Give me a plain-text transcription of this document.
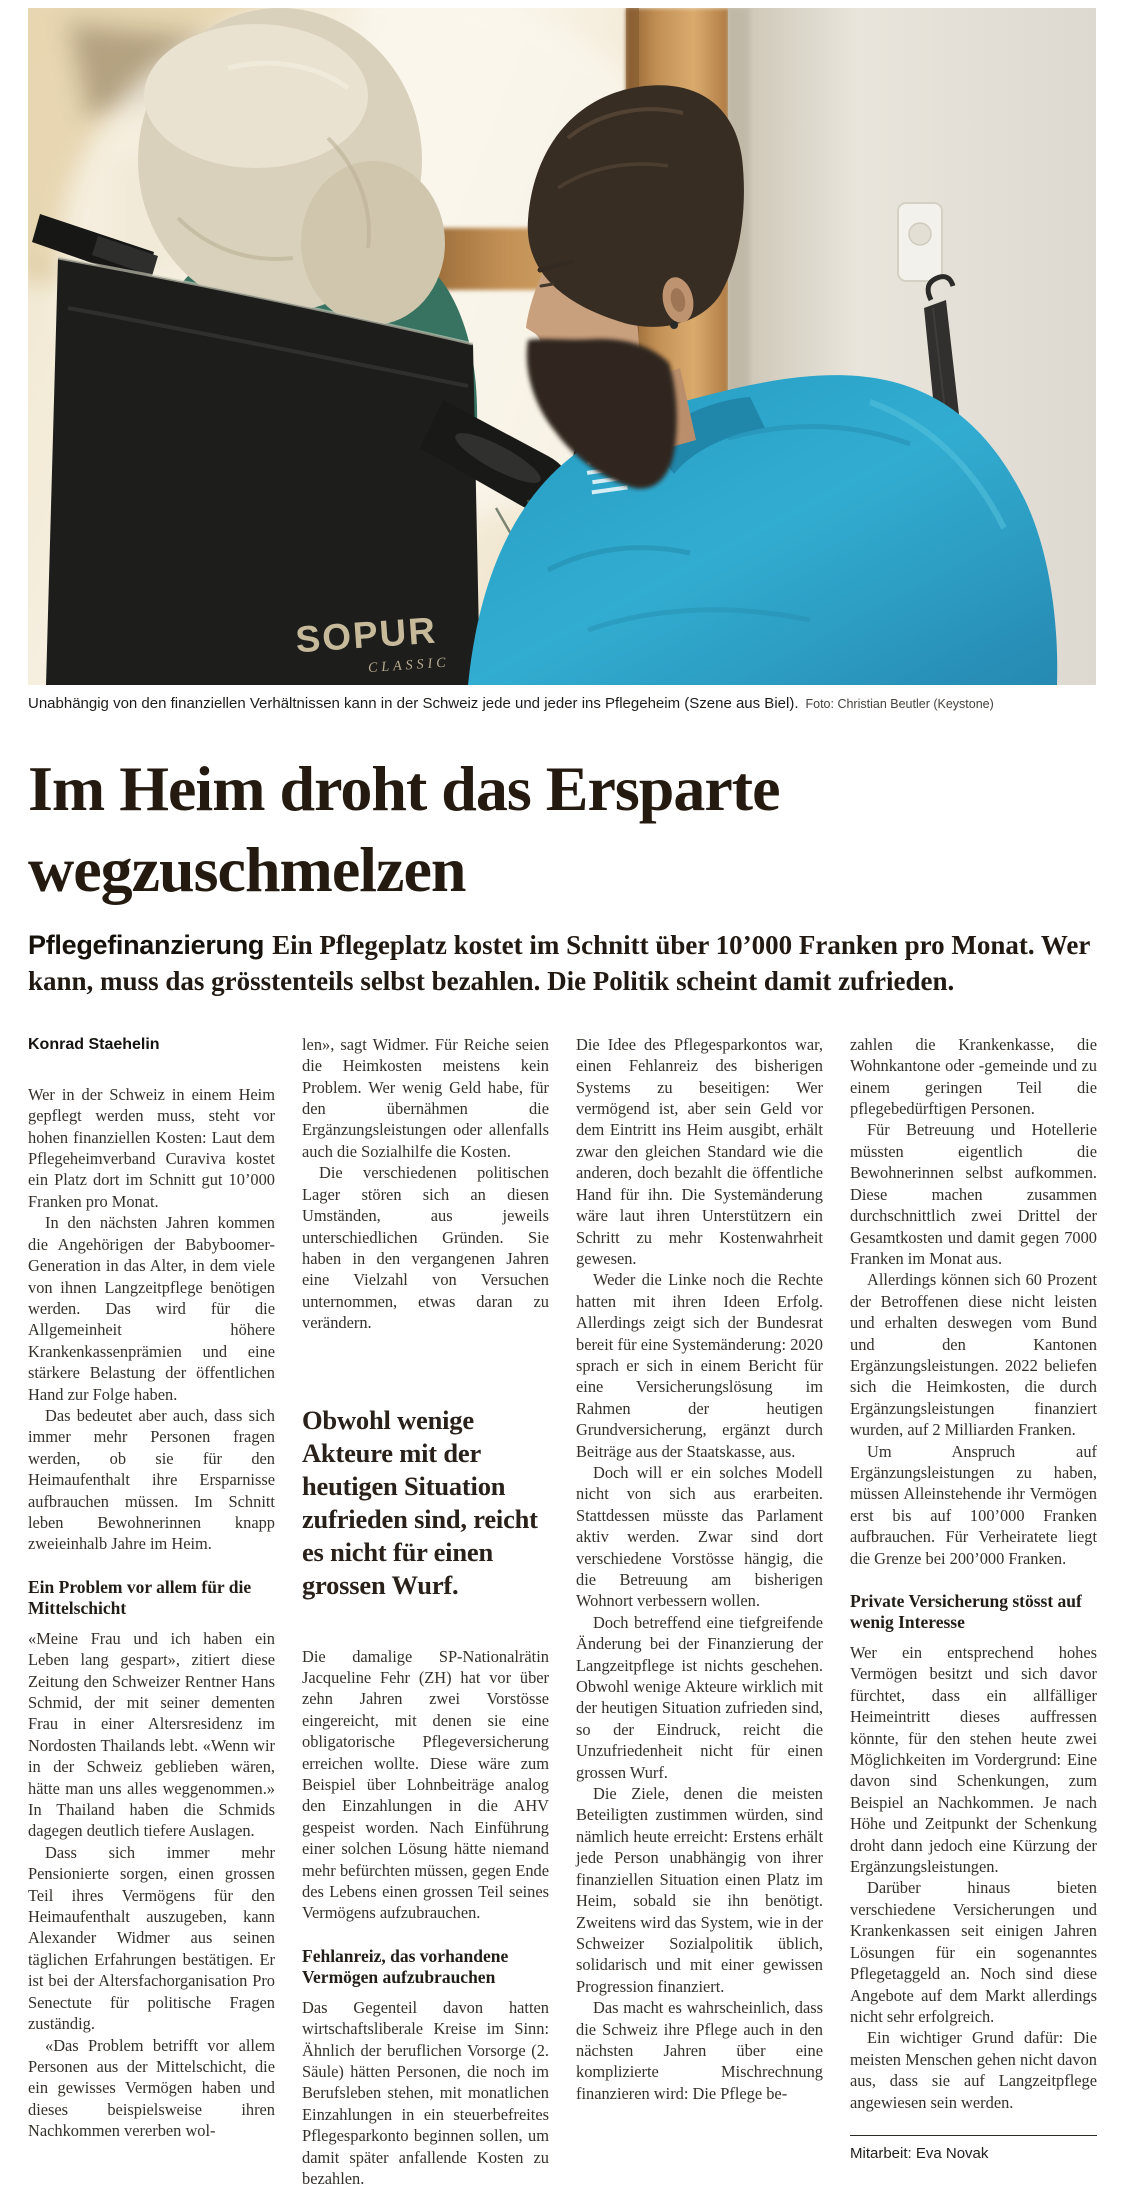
SOPUR
CLASSIC
Unabhängig von den finanziellen Verhältnissen kann in der Schweiz jede und jeder ins Pflegeheim (Szene aus Biel). Foto: Christian Beutler (Keystone)
Im Heim droht das Ersparte wegzuschmelzen
Pflegefinanzierung Ein Pflegeplatz kostet im Schnitt über 10’000 Franken pro Monat. Wer kann, muss das grösstenteils selbst bezahlen. Die Politik scheint damit zufrieden.
Konrad Staehelin

Wer in der Schweiz in einem Heim gepflegt werden muss, steht vor hohen finanziellen Kosten: Laut dem Pflegeheimverband Curaviva kostet ein Platz dort im Schnitt gut 10’000 Franken pro Monat.

In den nächsten Jahren kommen die Angehörigen der Babyboomer-Generation in das Alter, in dem viele von ihnen Langzeitpflege benötigen werden. Das wird für die Allgemeinheit höhere Krankenkassenprämien und eine stärkere Belastung der öffentlichen Hand zur Folge haben.

Das bedeutet aber auch, dass sich immer mehr Personen fragen werden, ob sie für den Heimaufenthalt ihre Ersparnisse aufbrauchen müssen. Im Schnitt leben Bewohnerinnen knapp zweieinhalb Jahre im Heim.

Ein Problem vor allem für die Mittelschicht

«Meine Frau und ich haben ein Leben lang gespart», zitiert diese Zeitung den Schweizer Rentner Hans Schmid, der mit seiner dementen Frau in einer Altersresidenz im Nordosten Thailands lebt. «Wenn wir in der Schweiz geblieben wären, hätte man uns alles weggenommen.» In Thailand haben die Schmids dagegen deutlich tiefere Auslagen.

Dass sich immer mehr Pensionierte sorgen, einen grossen Teil ihres Vermögens für den Heimaufenthalt auszugeben, kann Alexander Widmer aus seinen täglichen Erfahrungen bestätigen. Er ist bei der Altersfachorganisation Pro Senectute für politische Fragen zuständig.

«Das Problem betrifft vor allem Personen aus der Mittelschicht, die ein gewisses Vermögen haben und dieses beispielsweise ihren Nachkommen vererben wol-

len», sagt Widmer. Für Reiche seien die Heimkosten meistens kein Problem. Wer wenig Geld habe, für den übernähmen die Ergänzungsleistungen oder allenfalls auch die Sozialhilfe die Kosten.

Die verschiedenen politischen Lager stören sich an diesen Umständen, aus jeweils unterschiedlichen Gründen. Sie haben in den vergangenen Jahren eine Vielzahl von Versuchen unternommen, etwas daran zu verändern.

Obwohl wenige Akteure mit der heutigen Situation zufrieden sind, reicht es nicht für einen grossen Wurf.

Die damalige SP-Nationalrätin Jacqueline Fehr (ZH) hat vor über zehn Jahren zwei Vorstösse eingereicht, mit denen sie eine obligatorische Pflegeversicherung erreichen wollte. Diese wäre zum Beispiel über Lohnbeiträge analog den Einzahlungen in die AHV gespeist worden. Nach Einführung einer solchen Lösung hätte niemand mehr befürchten müssen, gegen Ende des Lebens einen grossen Teil seines Vermögens aufzubrauchen.

Fehlanreiz, das vorhandene Vermögen aufzubrauchen

Das Gegenteil davon hatten wirtschaftsliberale Kreise im Sinn: Ähnlich der beruflichen Vorsorge (2. Säule) hätten Personen, die noch im Berufsleben stehen, mit monatlichen Einzahlungen in ein steuerbefreites Pflegesparkonto beginnen sollen, um damit später anfallende Kosten zu bezahlen.

Die Idee des Pflegesparkontos war, einen Fehlanreiz des bisherigen Systems zu beseitigen: Wer vermögend ist, aber sein Geld vor dem Eintritt ins Heim ausgibt, erhält zwar den gleichen Standard wie die anderen, doch bezahlt die öffentliche Hand für ihn. Die Systemänderung wäre laut ihren Unterstützern ein Schritt zu mehr Kostenwahrheit gewesen.

Weder die Linke noch die Rechte hatten mit ihren Ideen Erfolg. Allerdings zeigt sich der Bundesrat bereit für eine Systemänderung: 2020 sprach er sich in einem Bericht für eine Versicherungslösung im Rahmen der heutigen Grundversicherung, ergänzt durch Beiträge aus der Staatskasse, aus.

Doch will er ein solches Modell nicht von sich aus erarbeiten. Stattdessen müsste das Parlament aktiv werden. Zwar sind dort verschiedene Vorstösse hängig, die die Betreuung am bisherigen Wohnort verbessern wollen.

Doch betreffend eine tiefgreifende Änderung bei der Finanzierung der Langzeitpflege ist nichts geschehen. Obwohl wenige Akteure wirklich mit der heutigen Situation zufrieden sind, so der Eindruck, reicht die Unzufriedenheit nicht für einen grossen Wurf.

Die Ziele, denen die meisten Beteiligten zustimmen würden, sind nämlich heute erreicht: Erstens erhält jede Person unabhängig von ihrer finanziellen Situation einen Platz im Heim, sobald sie ihn benötigt. Zweitens wird das System, wie in der Schweizer Sozialpolitik üblich, solidarisch und mit einer gewissen Progression finanziert.

Das macht es wahrscheinlich, dass die Schweiz ihre Pflege auch in den nächsten Jahren über eine komplizierte Mischrechnung finanzieren wird: Die Pflege be-

zahlen die Krankenkasse, die Wohnkantone oder -gemeinde und zu einem geringen Teil die pflegebedürftigen Personen.

Für Betreuung und Hotellerie müssten eigentlich die Bewohnerinnen selbst aufkommen. Diese machen zusammen durchschnittlich zwei Drittel der Gesamtkosten und damit gegen 7000 Franken im Monat aus.

Allerdings können sich 60 Prozent der Betroffenen diese nicht leisten und erhalten deswegen vom Bund und den Kantonen Ergänzungsleistungen. 2022 beliefen sich die Heimkosten, die durch Ergänzungsleistungen finanziert wurden, auf 2 Milliarden Franken.

Um Anspruch auf Ergänzungsleistungen zu haben, müssen Alleinstehende ihr Vermögen erst bis auf 100’000 Franken aufbrauchen. Für Verheiratete liegt die Grenze bei 200’000 Franken.

Private Versicherung stösst auf wenig Interesse

Wer ein entsprechend hohes Vermögen besitzt und sich davor fürchtet, dass ein allfälliger Heimeintritt dieses auffressen könnte, für den stehen heute zwei Möglichkeiten im Vordergrund: Eine davon sind Schenkungen, zum Beispiel an Nachkommen. Je nach Höhe und Zeitpunkt der Schenkung droht dann jedoch eine Kürzung der Ergänzungsleistungen.

Darüber hinaus bieten verschiedene Versicherungen und Krankenkassen seit einigen Jahren Lösungen für ein sogenanntes Pflegetaggeld an. Noch sind diese Angebote auf dem Markt allerdings nicht sehr erfolgreich.

Ein wichtiger Grund dafür: Die meisten Menschen gehen nicht davon aus, dass sie auf Langzeitpflege angewiesen sein werden.

Mitarbeit: Eva Novak
